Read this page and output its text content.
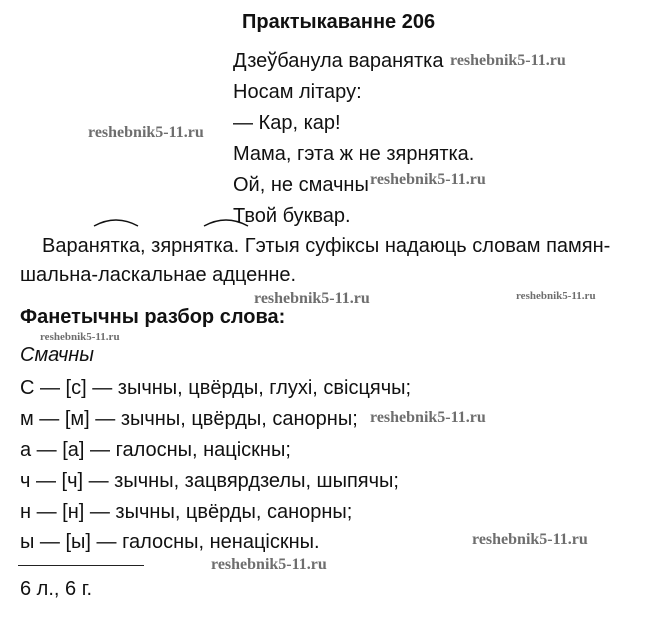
Практыкаванне 206
Дзеўбанула варанятка
Носам літару:
— Кар, кар!
Мама, гэта ж не зярнятка.
Ой, не смачны
Твой буквар.
Варанятка, зярнятка. Гэтыя суфіксы надаюць словам памян-
шальна-ласкальнае адценне.
Фанетычны разбор слова:
Смачны
С — [с] — зычны, цвёрды, глухі, свісцячы;
м — [м] — зычны, цвёрды, санорны;
а — [а] — галосны, націскны;
ч — [ч] — зычны, зацвярдзелы, шыпячы;
н — [н] — зычны, цвёрды, санорны;
ы — [ы] — галосны, ненаціскны.
6 л., 6 г.
reshebnik5-11.ru
reshebnik5-11.ru
reshebnik5-11.ru
reshebnik5-11.ru	reshebnik5-11.ru
reshebnik5-11.ru
reshebnik5-11.ru
reshebnik5-11.ru
reshebnik5-11.ru
